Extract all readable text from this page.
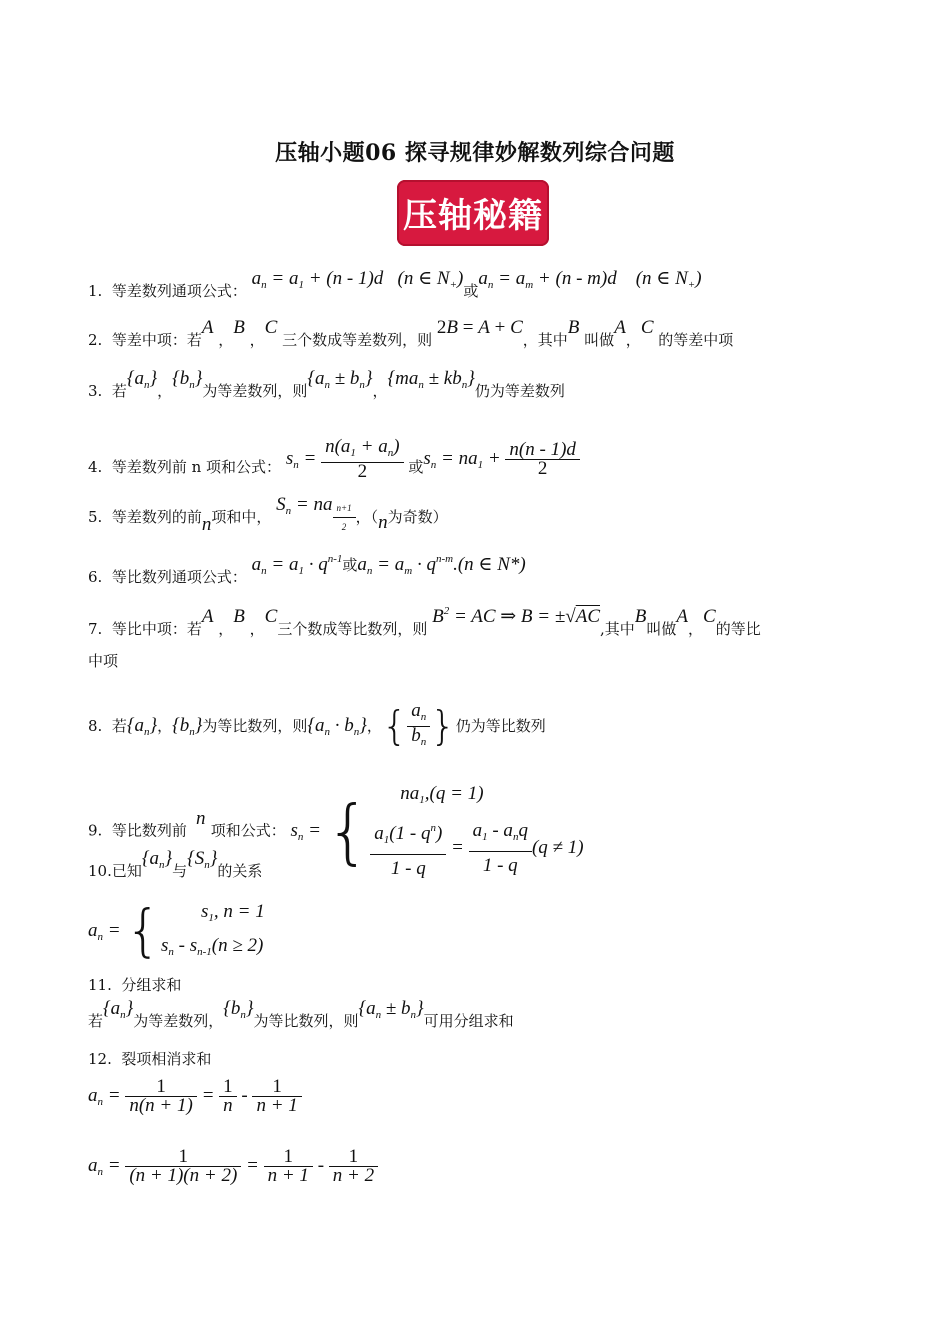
压轴小题06 探寻规律妙解数列综合问题
压轴秘籍
1. 等差数列通项公式： $a_n = a_1 + (n - 1)d$   (n ∈ $N_+$)或$a_n = a_m + (n - m)d$    (n ∈ $N_+$)
2. 等差中项：若A ，B ，C 三个数成等差数列，则 2B = A + C，其中B 叫做A，C 的等差中项
3. 若$\{a_n\}$，$\{b_n\}$为等差数列，则$\{a_n \pm b_n\}$，$\{ma_n \pm kb_n\}$仍为等差数列
4. 等差数列前 n 项和公式： $s_n = \frac{n(a_1 + a_n)}{2}$ 或$s_n = na_1 + \frac{n(n - 1)d}{2}$
5. 等差数列的前n项和中， $S_n$ = na $_{\frac{n+1}{2}}$ ，（n为奇数）
6. 等比数列通项公式： $a_n = a_1 \cdot q^{n-1}$或$a_n = a_m \cdot q^{n-m}.(n$ ∈ N*)
7. 等比中项：若A ，B ，C三个数成等比数列，则 $B^2$ = AC ⇒ B = ±√AC,其中B叫做A，C的等比
中项
8. 若$\{a_n\}$，$\{b_n\}$为等比数列，则$\{a_n \cdot b_n\}$，{ $\frac{a_n}{b_n}$ }仍为等比数列
9. 等比数列前 项和公式： $s_n$ = {	$na_1,(q = 1)$
$\frac{a_1(1 - q^n)}{1 - q} = \frac{a_1 - a_nq}{1 - q} (q \ne 1)$
n
10.已知$\{a_n\}$与$\{S_n\}$的关系
$a_n$ = {	$s_1$, n = 1
$s_n - s_{n-1}(n \ge 2)$
11. 分组求和
若$\{a_n\}$为等差数列，$\{b_n\}$为等比数列，则$\{a_n \pm b_n\}$可用分组求和
12. 裂项相消求和
$a_n = \frac{1}{n(n + 1)} = \frac{1}{n} - \frac{1}{n + 1}$
$a_n = \frac{1}{(n + 1)(n + 2)} = \frac{1}{n + 1} - \frac{1}{n + 2}$
